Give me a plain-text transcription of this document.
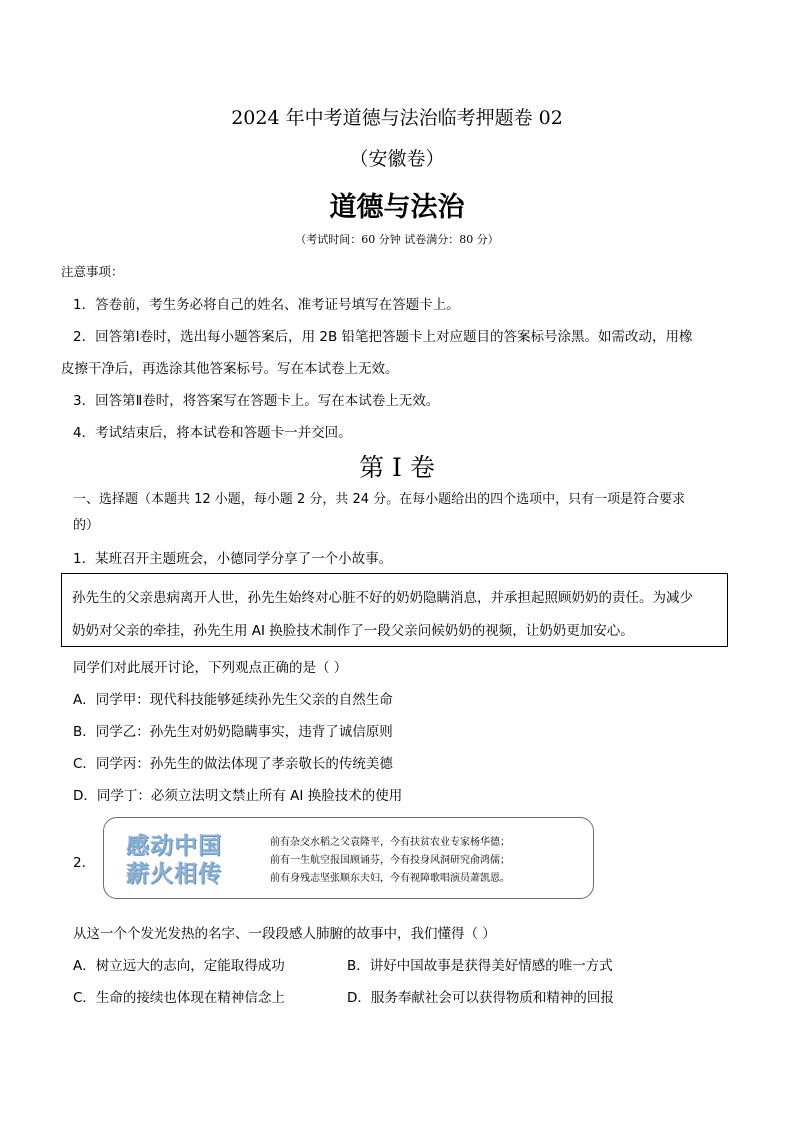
2024 年中考道德与法治临考押题卷 02
（安徽卷）
道德与法治
（考试时间：60 分钟 试卷满分：80 分）
注意事项：
1．答卷前，考生务必将自己的姓名、准考证号填写在答题卡上。
2．回答第Ⅰ卷时，选出每小题答案后，用 2B 铅笔把答题卡上对应题目的答案标号涂黑。如需改动，用橡
皮擦干净后，再选涂其他答案标号。写在本试卷上无效。
3．回答第Ⅱ卷时，将答案写在答题卡上。写在本试卷上无效。
4．考试结束后，将本试卷和答题卡一并交回。
第 I 卷
一、选择题（本题共 12 小题，每小题 2 分，共 24 分。在每小题给出的四个选项中，只有一项是符合要求
的）
1．某班召开主题班会，小德同学分享了一个小故事。
孙先生的父亲患病离开人世，孙先生始终对心脏不好的奶奶隐瞒消息，并承担起照顾奶奶的责任。为减少
奶奶对父亲的牵挂，孙先生用 AI 换脸技术制作了一段父亲问候奶奶的视频，让奶奶更加安心。
同学们对此展开讨论，下列观点正确的是（ ）
A．同学甲：现代科技能够延续孙先生父亲的自然生命
B．同学乙：孙先生对奶奶隐瞒事实，违背了诚信原则
C．同学丙：孙先生的做法体现了孝亲敬长的传统美德
D．同学丁：必须立法明文禁止所有 AI 换脸技术的使用
2．
感动中国
薪火相传
前有杂交水稻之父袁隆平，今有扶贫农业专家杨华德；
前有一生航空报国顾诵芬，今有投身风洞研究俞鸿儒；
前有身残志坚张顺东夫妇，今有视障歌唱演员萧凯恩。
从这一个个发光发热的名字、一段段感人肺腑的故事中，我们懂得（ ）
A．树立远大的志向，定能取得成功	B．讲好中国故事是获得美好情感的唯一方式
C．生命的接续也体现在精神信念上	D．服务奉献社会可以获得物质和精神的回报
